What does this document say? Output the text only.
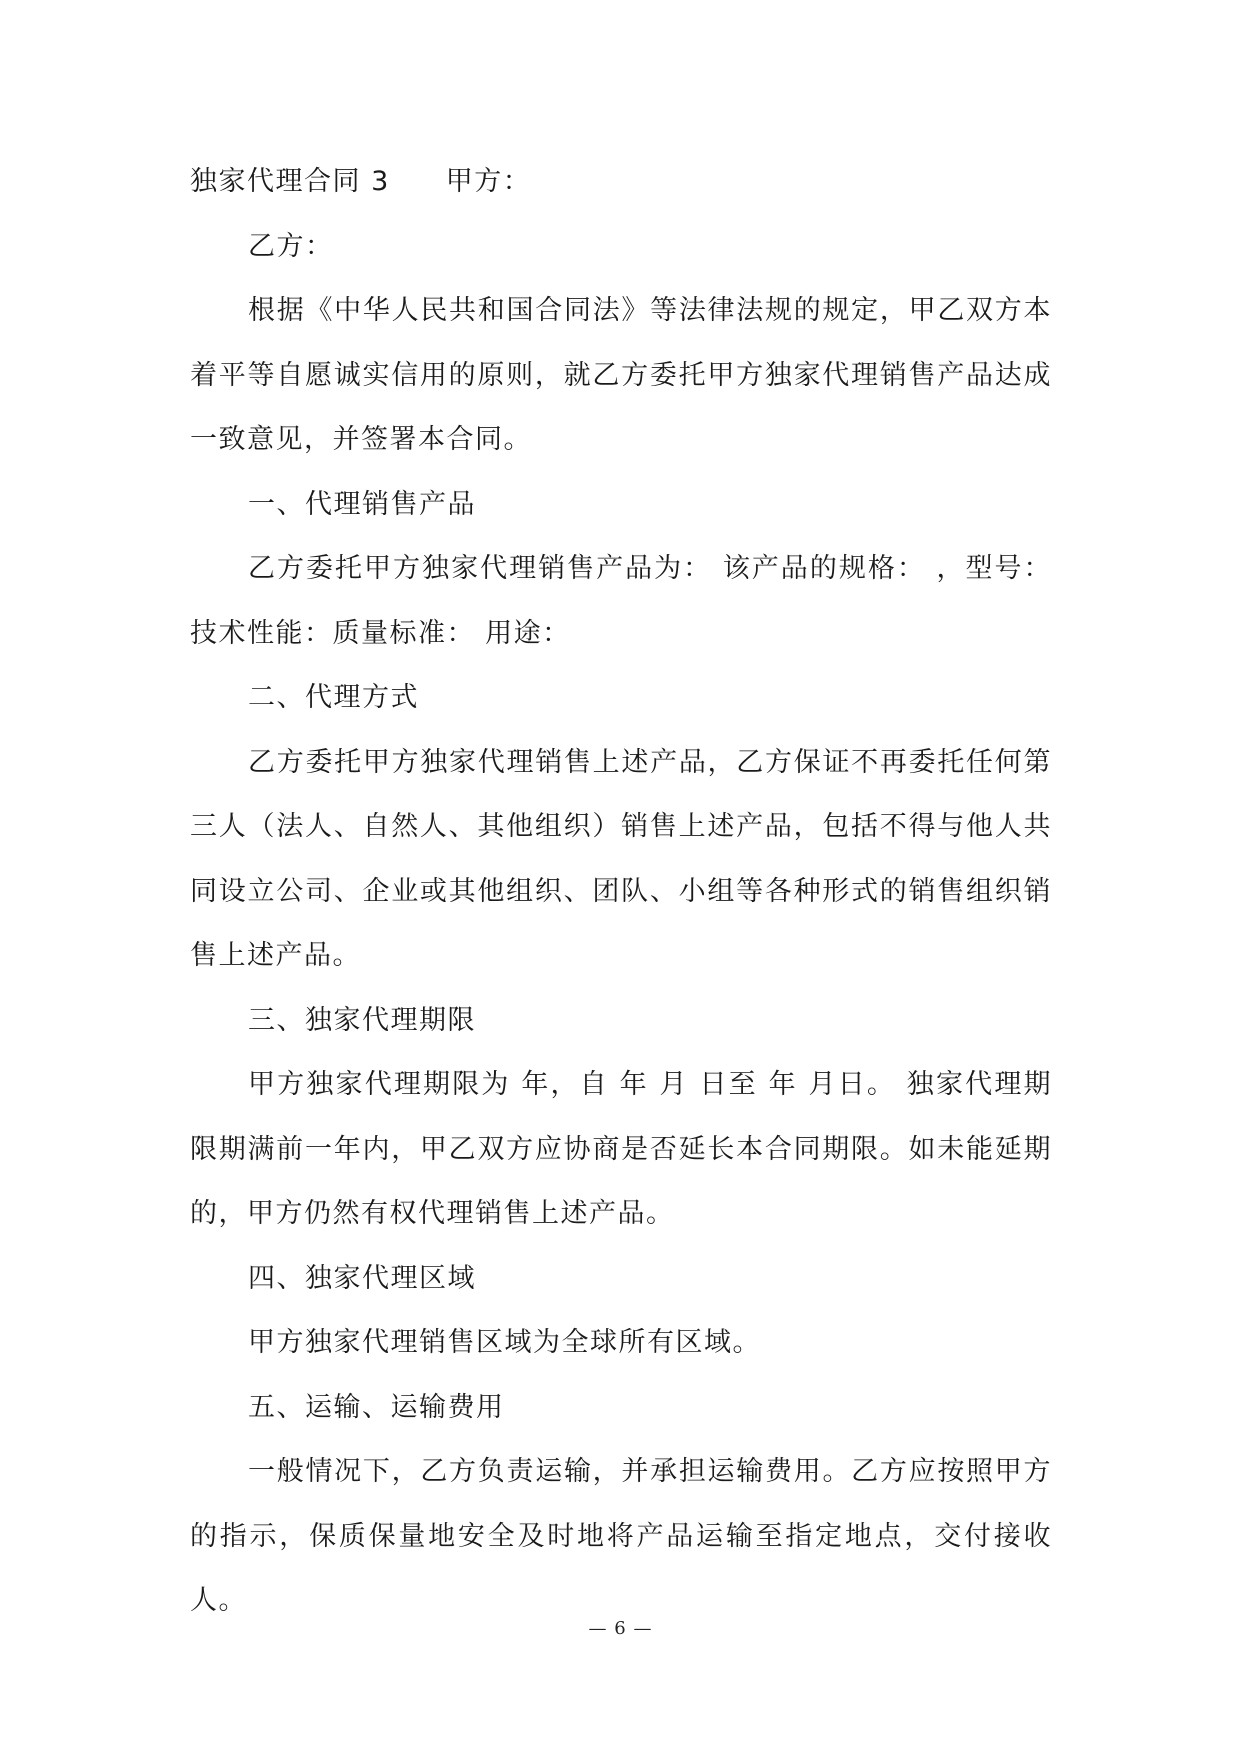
独家代理合同 3 甲方：

乙方：

根据《中华人民共和国合同法》等法律法规的规定，甲乙双方本着平等自愿诚实信用的原则，就乙方委托甲方独家代理销售产品达成一致意见，并签署本合同。

一、代理销售产品

乙方委托甲方独家代理销售产品为： 该产品的规格： ，型号： 技术性能：质量标准： 用途：

二、代理方式

乙方委托甲方独家代理销售上述产品，乙方保证不再委托任何第三人（法人、自然人、其他组织）销售上述产品，包括不得与他人共同设立公司、企业或其他组织、团队、小组等各种形式的销售组织销售上述产品。

三、独家代理期限

甲方独家代理期限为 年，自 年 月 日至 年 月日。 独家代理期限期满前一年内，甲乙双方应协商是否延长本合同期限。如未能延期的，甲方仍然有权代理销售上述产品。

四、独家代理区域

甲方独家代理销售区域为全球所有区域。

五、运输、运输费用

一般情况下，乙方负责运输，并承担运输费用。乙方应按照甲方的指示，保质保量地安全及时地将产品运输至指定地点，交付接收人。

— 6 —
